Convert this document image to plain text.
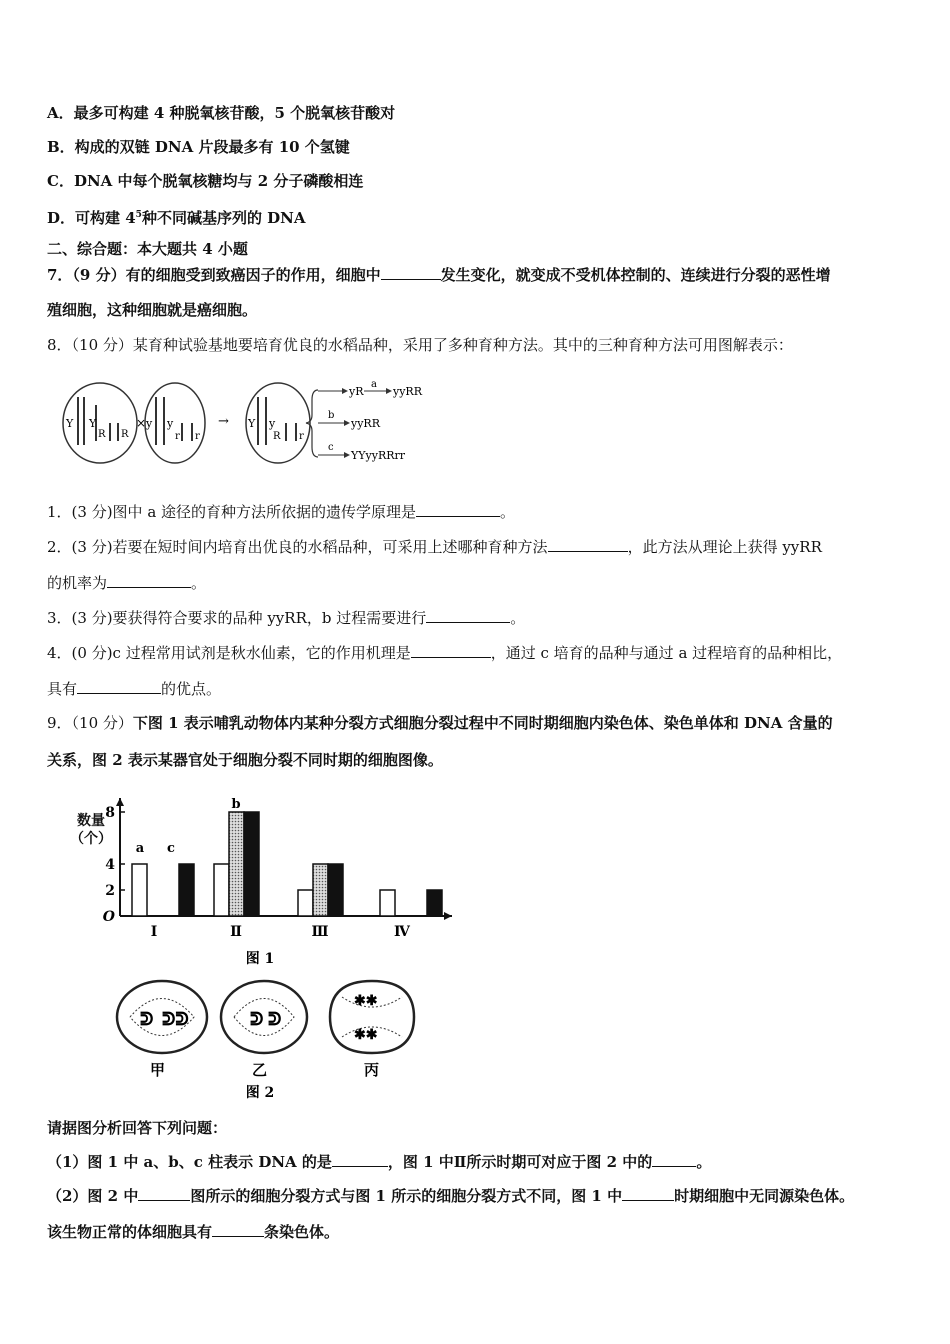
A．最多可构建 4 种脱氧核苷酸，5 个脱氧核苷酸对
B．构成的双链 DNA 片段最多有 10 个氢键
C．DNA 中每个脱氧核糖均与 2 分子磷酸相连
D．可构建 $4^5$种不同碱基序列的 DNA
二、综合题：本大题共 4 小题
7．（9 分）有的细胞受到致癌因子的作用，细胞中	发生变化，就变成不受机体控制的、连续进行分裂的恶性增
殖细胞，这种细胞就是癌细胞。
8．（10 分）某育种试验基地要培育优良的水稻品种，采用了多种育种方法。其中的三种育种方法可用图解表示：
Y Y
R R
× y y
r r
→ Y y
R r
yR
a
yyRR
b
yyRR
c
YYyyRRrr
1．(3 分)图中 a 途径的育种方法所依据的遗传学原理是	。
2．(3 分)若要在短时间内培育出优良的水稻品种，可采用上述哪种育种方法	，此方法从理论上获得 yyRR
的机率为	。
3．(3 分)要获得符合要求的品种 yyRR，b 过程需要进行	。
4．(0 分)c 过程常用试剂是秋水仙素，它的作用机理是	，通过 c 培育的品种与通过 a 过程培育的品种相比，
具有	的优点。
9．（10 分）下图 1 表示哺乳动物体内某种分裂方式细胞分裂过程中不同时期细胞内染色体、染色单体和 DNA 含量的
关系，图 2 表示某器官处于细胞分裂不同时期的细胞图像。
O
2
4
8
Ⅰ	Ⅱ	Ⅲ	Ⅳ
a c
b
图 1
数量（个）
ᕲ ᕲᕲ	ᕲ ᕲ
✱✱
✱✱
甲	乙	丙
图 2
请据图分析回答下列问题：
（1）图 1 中 a、b、c 柱表示 DNA 的是	，图 1 中Ⅱ所示时期可对应于图 2 中的	。
（2）图 2 中	图所示的细胞分裂方式与图 1 所示的细胞分裂方式不同，图 1 中	时期细胞中无同源染色体。
该生物正常的体细胞具有	条染色体。
